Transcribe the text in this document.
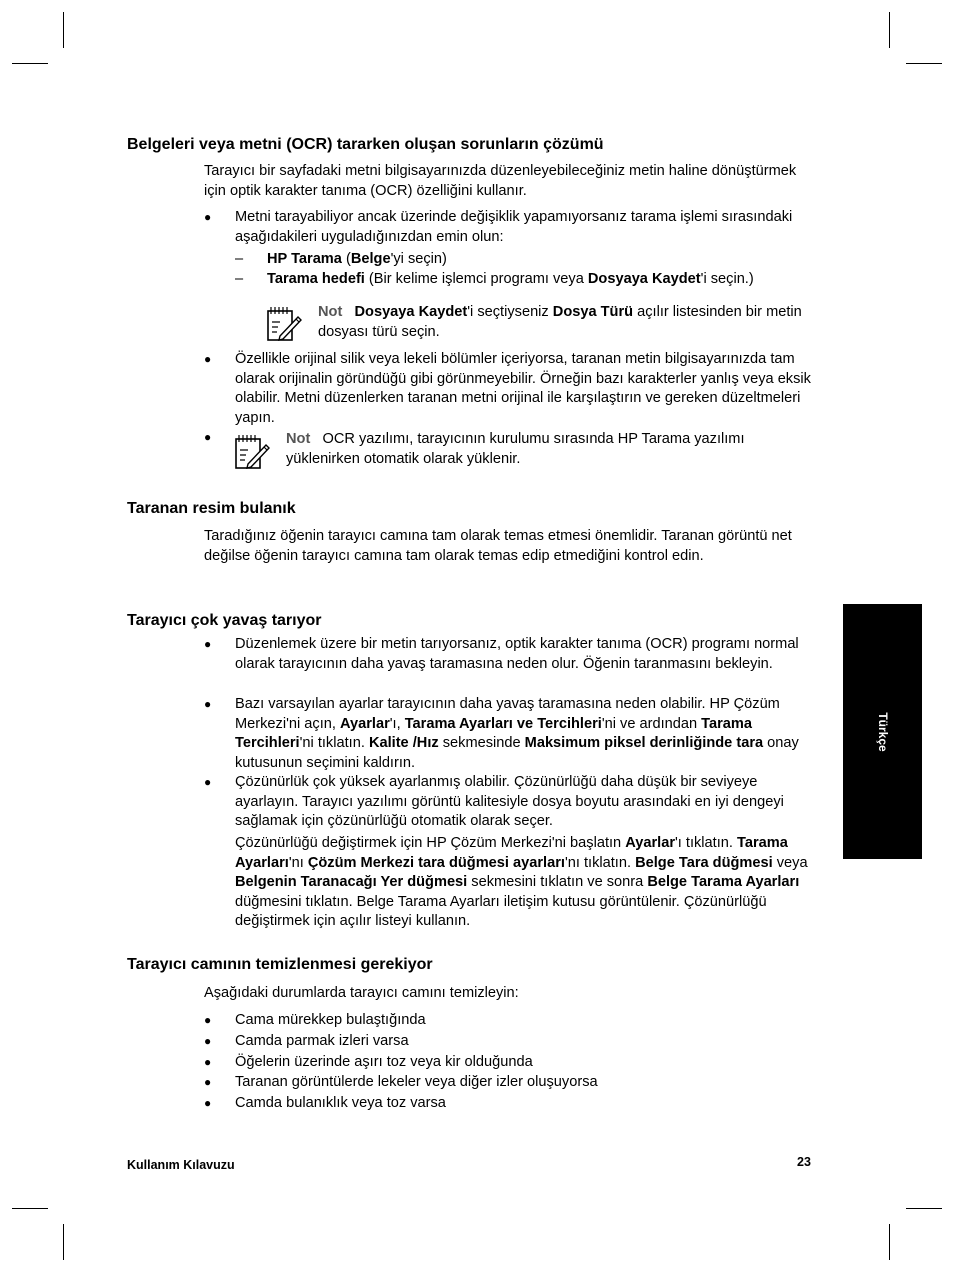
Belgeleri veya metni (OCR) tararken oluşan sorunların çözümü

Tarayıcı bir sayfadaki metni bilgisayarınızda düzenleyebileceğiniz metin haline dönüştürmek için optik karakter tanıma (OCR) özelliğini kullanır.

●	Metni tarayabiliyor ancak üzerinde değişiklik yapamıyorsanız tarama işlemi sırasındaki aşağıdakileri uyguladığınızdan emin olun:
– HP Tarama (Belge'yi seçin)
– Tarama hedefi (Bir kelime işlemci programı veya Dosyaya Kaydet'i seçin.)

Not Dosyaya Kaydet'i seçtiyseniz Dosya Türü açılır listesinden bir metin dosyası türü seçin.

●	Özellikle orijinal silik veya lekeli bölümler içeriyorsa, taranan metin bilgisayarınızda tam olarak orijinalin göründüğü gibi görünmeyebilir. Örneğin bazı karakterler yanlış veya eksik olabilir. Metni düzenlerken taranan metni orijinal ile karşılaştırın ve gereken düzeltmeleri yapın.
●	Not OCR yazılımı, tarayıcının kurulumu sırasında HP Tarama yazılımı yüklenirken otomatik olarak yüklenir.

Taranan resim bulanık

Taradığınız öğenin tarayıcı camına tam olarak temas etmesi önemlidir. Taranan görüntü net değilse öğenin tarayıcı camına tam olarak temas edip etmediğini kontrol edin.

Tarayıcı çok yavaş tarıyor
●	Düzenlemek üzere bir metin tarıyorsanız, optik karakter tanıma (OCR) programı normal olarak tarayıcının daha yavaş taramasına neden olur. Öğenin taranmasını bekleyin.
●	Bazı varsayılan ayarlar tarayıcının daha yavaş taramasına neden olabilir. HP Çözüm Merkezi'ni açın, Ayarlar'ı, Tarama Ayarları ve Tercihleri'ni ve ardından Tarama Tercihleri'ni tıklatın. Kalite /Hız sekmesinde Maksimum piksel derinliğinde tara onay kutusunun seçimini kaldırın.
●	Çözünürlük çok yüksek ayarlanmış olabilir. Çözünürlüğü daha düşük bir seviyeye ayarlayın. Tarayıcı yazılımı görüntü kalitesiyle dosya boyutu arasındaki en iyi dengeyi sağlamak için çözünürlüğü otomatik olarak seçer.

Çözünürlüğü değiştirmek için HP Çözüm Merkezi'ni başlatın Ayarlar'ı tıklatın. Tarama Ayarları'nı Çözüm Merkezi tara düğmesi ayarları'nı tıklatın. Belge Tara düğmesi veya Belgenin Taranacağı Yer düğmesi sekmesini tıklatın ve sonra Belge Tarama Ayarları düğmesini tıklatın. Belge Tarama Ayarları iletişim kutusu görüntülenir. Çözünürlüğü değiştirmek için açılır listeyi kullanın.

Tarayıcı camının temizlenmesi gerekiyor

Aşağıdaki durumlarda tarayıcı camını temizleyin:

●	Cama mürekkep bulaştığında
●	Camda parmak izleri varsa
●	Öğelerin üzerinde aşırı toz veya kir olduğunda
●	Taranan görüntülerde lekeler veya diğer izler oluşuyorsa
●	Camda bulanıklık veya toz varsa
Türkçe
Kullanım Kılavuzu	23
